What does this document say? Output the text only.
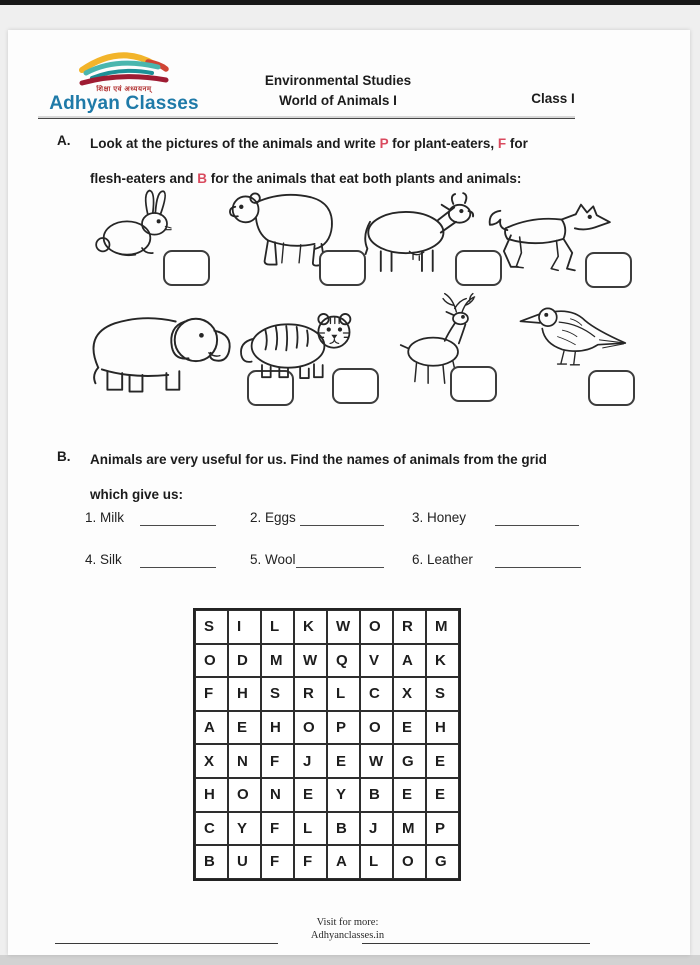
शिक्षा एवं अध्ययनम्
Adhyan Classes
Environmental Studies
World of Animals I	Class I
A. Look at the pictures of the animals and write P for plant-eaters, F for
flesh-eaters and B for the animals that eat both plants and animals:
B. Animals are very useful for us. Find the names of animals from the grid
which give us:
1. Milk	2. Eggs	3. Honey
4. Silk	5. Wool	6. Leather
S	I	L	K	W	O	R	M
O	D	M	W	Q	V	A	K
F	H	S	R	L	C	X	S
A	E	H	O	P	O	E	H
X	N	F	J	E	W	G	E
H	O	N	E	Y	B	E	E
C	Y	F	L	B	J	M	P
B	U	F	F	A	L	O	G
Visit for more:
Adhyanclasses.in
